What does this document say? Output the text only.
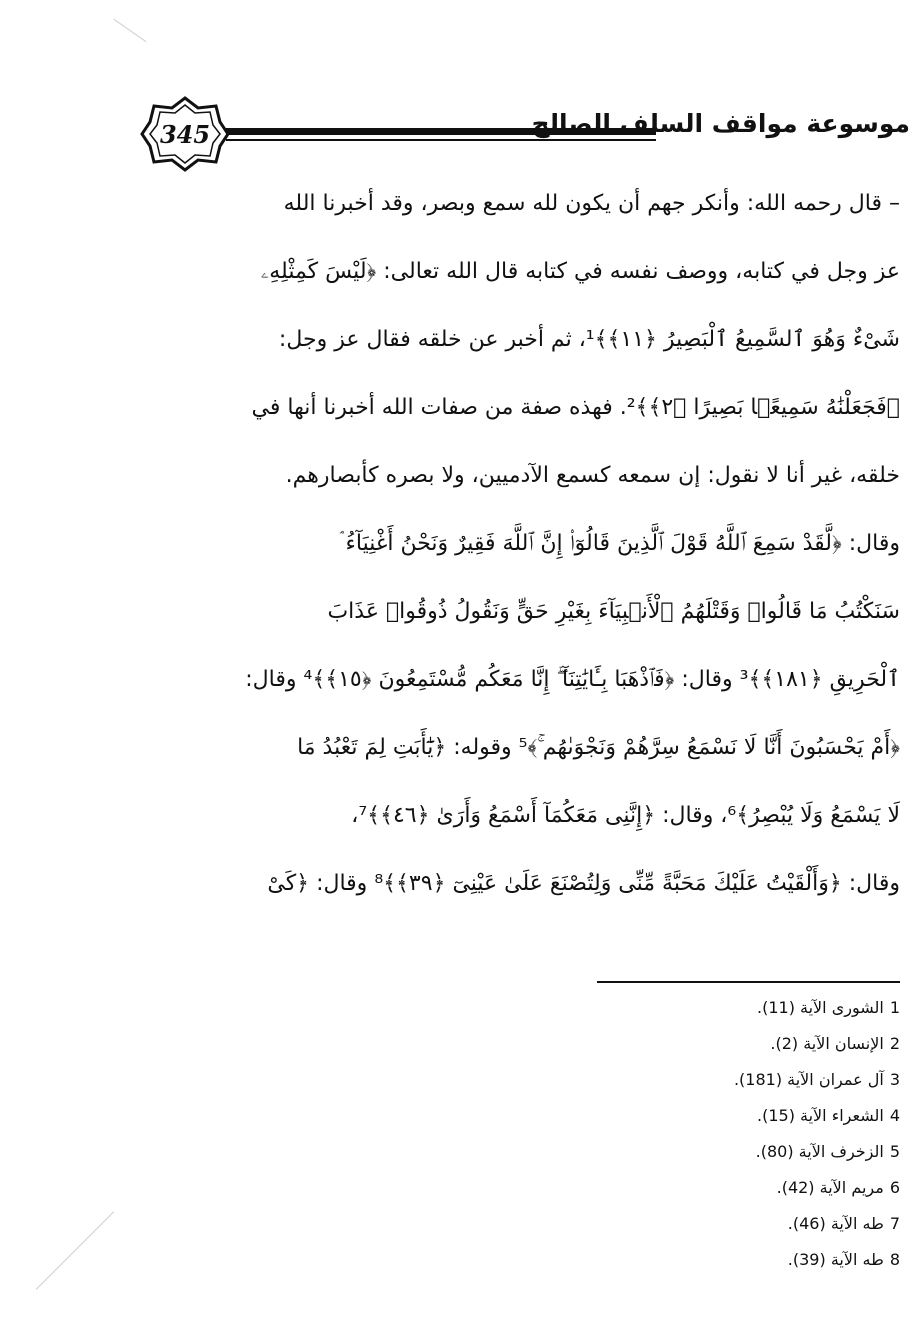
345	موسوعة مواقف السلف الصالح
– قال رحمه الله: وأنكر جهم أن يكون لله سمع وبصر، وقد أخبرنا الله
عز وجل في كتابه، ووصف نفسه في كتابه قال الله تعالى: ﴿لَيْسَ كَمِثْلِهِۦ
شَىْءٌ وَهُوَ ٱلسَّمِيعُ ٱلْبَصِيرُ ﴿١١﴾﴾¹، ثم أخبر عن خلقه فقال عز وجل:
﴿فَجَعَلْنَٰهُ سَمِيعًۢا بَصِيرًا ﴿٢﴾﴾². فهذه صفة من صفات الله أخبرنا أنها في
خلقه، غير أنا لا نقول: إن سمعه كسمع الآدميين، ولا بصره كأبصارهم.
وقال: ﴿لَّقَدْ سَمِعَ ٱللَّهُ قَوْلَ ٱلَّذِينَ قَالُوٓا۟ إِنَّ ٱللَّهَ فَقِيرٌ وَنَحْنُ أَغْنِيَآءُ ۘ
سَنَكْتُبُ مَا قَالُوا۟ وَقَتْلَهُمُ ٱلْأَنۢبِيَآءَ بِغَيْرِ حَقٍّ وَنَقُولُ ذُوقُوا۟ عَذَابَ
ٱلْحَرِيقِ ﴿١٨١﴾﴾³ وقال: ﴿فَٱذْهَبَا بِـَٔايَٰتِنَآ ۖ إِنَّا مَعَكُم مُّسْتَمِعُونَ ﴿١٥﴾﴾⁴ وقال:
﴿أَمْ يَحْسَبُونَ أَنَّا لَا نَسْمَعُ سِرَّهُمْ وَنَجْوَىٰهُم ۚ﴾⁵ وقوله: ﴿يَٰٓأَبَتِ لِمَ تَعْبُدُ مَا
لَا يَسْمَعُ وَلَا يُبْصِرُ﴾⁶، وقال: ﴿إِنَّنِى مَعَكُمَآ أَسْمَعُ وَأَرَىٰ ﴿٤٦﴾﴾⁷،
وقال: ﴿وَأَلْقَيْتُ عَلَيْكَ مَحَبَّةً مِّنِّى وَلِتُصْنَعَ عَلَىٰ عَيْنِىٓ ﴿٣٩﴾﴾⁸ وقال: ﴿كَىْ
1الشورى الآية (11).
2الإنسان الآية (2).
3آل عمران الآية (181).
4الشعراء الآية (15).
5الزخرف الآية (80).
6مريم الآية (42).
7طه الآية (46).
8طه الآية (39).
